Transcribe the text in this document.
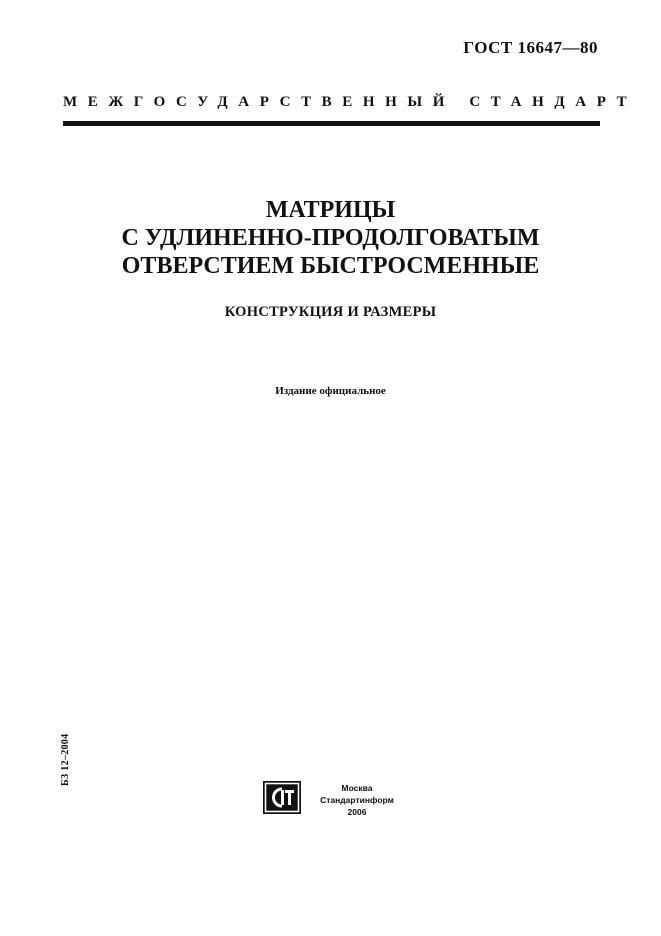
ГОСТ 16647—80
МЕЖГОСУДАРСТВЕННЫЙ СТАНДАРТ
МАТРИЦЫ
С УДЛИНЕННО-ПРОДОЛГОВАТЫМ
ОТВЕРСТИЕМ БЫСТРОСМЕННЫЕ
КОНСТРУКЦИЯ И РАЗМЕРЫ
Издание официальное
БЗ 12–2004
Москва
Стандартинформ
2006
